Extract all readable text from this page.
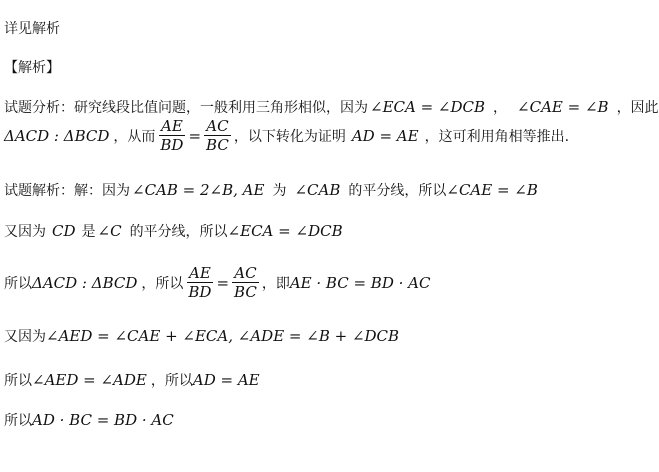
详见解析
【解析】
试题分析： 研究线段比值问题，一般利用三角形相似，因为 ∠ECA = ∠DCB ， ∠CAE = ∠B ，因此
ΔACD : ΔBCD ，从而 $\frac{AE}{BD} = \frac{AC}{BC}$ ，以下转化为证明 AD = AE ，这可利用角相等推出.
试题解析： 解：因为 ∠CAB = 2∠B, AE 为 ∠CAB 的平分线，所以 ∠CAE = ∠B
又因为 CD 是 ∠C 的平分线，所以 ∠ECA = ∠DCB
所以 ΔACD : ΔBCD ，所以 $\frac{AE}{BD} = \frac{AC}{BC}$ ，即 AE · BC = BD · AC
又因为 ∠AED = ∠CAE + ∠ECA, ∠ADE = ∠B + ∠DCB
所以 ∠AED = ∠ADE ，所以 AD = AE
所以 AD · BC = BD · AC
